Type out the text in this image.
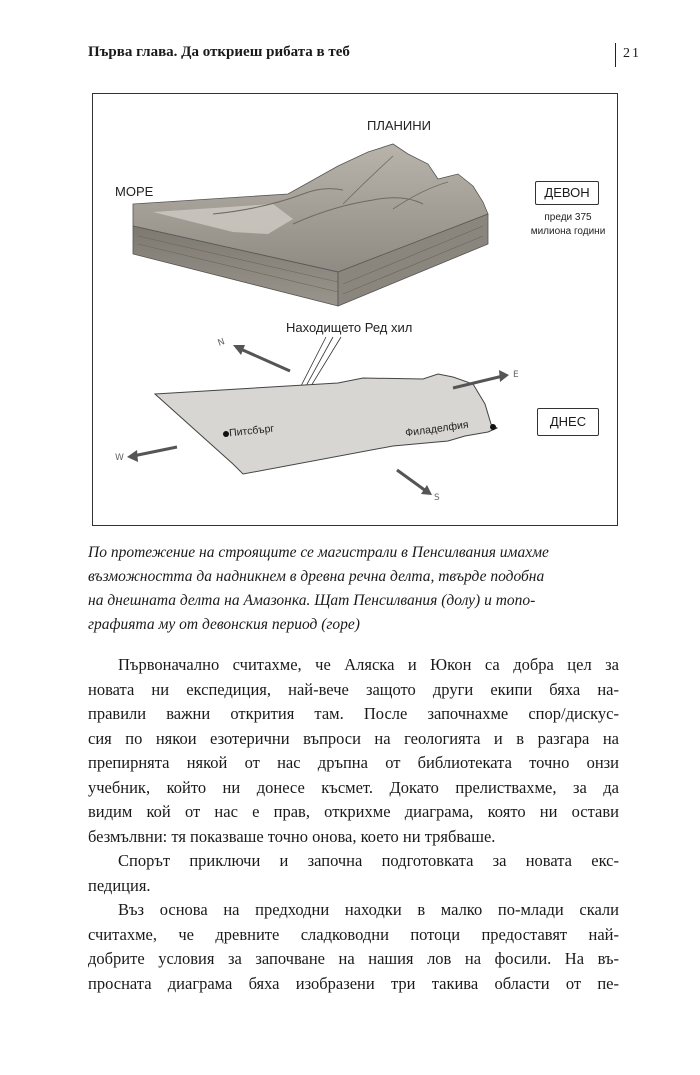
Първа глава. Да откриеш рибата в теб	21
N
E
S
W
ПЛАНИНИ
МОРЕ	ДЕВОН
преди 375
милиона години
Находището Ред хил
ДНЕС
Питсбърг	Филаделфия
По протежение на строящите се магистрали в Пенсилвания имахме
възможността да надникнем в древна речна делта, твърде подобна
на днешната делта на Амазонка. Щат Пенсилвания (долу) и топо-
графията му от девонския период (горе)
Първоначално считахме, че Аляска и Юкон са добра цел за
новата ни експедиция, най-вече защото други екипи бяха на-
правили важни открития там. После започнахме спор/дискус-
сия по някои езотерични въпроси на геологията и в разгара на
препирнята някой от нас дръпна от библиотеката точно онзи
учебник, който ни донесе късмет. Докато прелиствахме, за да
видим кой от нас е прав, открихме диаграма, която ни остави
безмълвни: тя показваше точно онова, което ни трябваше.
Спорът приключи и започна подготовката за новата екс-
педиция.
Въз основа на предходни находки в малко по-млади скали
считахме, че древните сладководни потоци предоставят най-
добрите условия за започване на нашия лов на фосили. На въ-
просната диаграма бяха изобразени три такива области от пе-
